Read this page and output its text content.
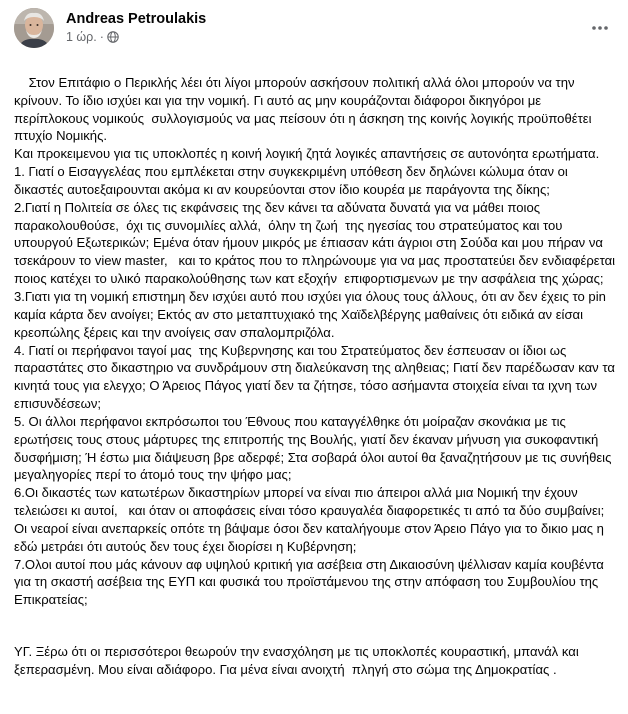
Andreas Petroulakis
1 ώρ. ·

Στον Επιτάφιο ο Περικλής λέει ότι λίγοι μπορούν ασκήσουν πολιτική αλλά όλοι μπορούν να την κρίνουν. Το ίδιο ισχύει και για την νομική. Γι αυτό ας μην κουράζονται διάφοροι δικηγόροι με περίπλοκους νομικούς  συλλογισμούς να μας πείσουν ότι η άσκηση της κοινής λογικής προϋποθέτει πτυχίο Νομικής.
Και προκειμενου για τις υποκλοπές η κοινή λογική ζητά λογικές απαντήσεις σε αυτονόητα ερωτήματα.
1. Γιατί ο Εισαγγελέας που εμπλέκεται στην συγκεκριμένη υπόθεση δεν δηλώνει κώλυμα όταν οι δικαστές αυτοεξαιρουνται ακόμα κι αν κουρεύονται στον ίδιο κουρέα με παράγοντα της δίκης;
2.Γιατί η Πολιτεία σε όλες τις εκφάνσεις της δεν κάνει τα αδύνατα δυνατά για να μάθει ποιος παρακολουθούσε,  όχι τις συνομιλίες αλλά,  όλην τη ζωή  της ηγεσίας του στρατεύματος και του υπουργού Εξωτερικών; Εμένα όταν ήμουν μικρός με έπιασαν κάτι άγριοι στη Σούδα και μου πήραν να τσεκάρουν το view master,   και το κράτος που το πληρώνουμε για να μας προστατεύει δεν ενδιαφέρεται ποιος κατέχει το υλικό παρακολούθησης των κατ εξοχήν  επιφορτισμενων με την ασφάλεια της χώρας;
3.Γιατι για τη νομική επιστημη δεν ισχύει αυτό που ισχύει για όλους τους άλλους, ότι αν δεν έχεις το pin καμία κάρτα δεν ανοίγει; Εκτός αν στο μεταπτυχιακό της Χαϊδελβέργης μαθαίνεις ότι ειδικά αν είσαι κρεοπώλης ξέρεις και την ανοίγεις σαν σπαλομπριζόλα.
4. Γιατί οι περήφανοι ταγοί μας  της Κυβερνησης και του Στρατεύματος δεν έσπευσαν οι ίδιοι ως παραστάτες στο δικαστηριο να συνδράμουν στη διαλεύκανση της αληθειας; Γιατί δεν παρέδωσαν καν τα κινητά τους για ελεγχο; Ο Άρειος Πάγος γιατί δεν τα ζήτησε, τόσο ασήμαντα στοιχεία είναι τα ιχνη των επισυνδέσεων;
5. Οι άλλοι περήφανοι εκπρόσωποι του Έθνους που καταγγέλθηκε ότι μοίραζαν σκονάκια με τις ερωτήσεις τους στους μάρτυρες της επιτροπής της Βουλής, γιατί δεν έκαναν μήνυση για συκοφαντική δυσφήμιση; Ή έστω μια διάψευση βρε αδερφέ; Στα σοβαρά όλοι αυτοί θα ξαναζητήσουν με τις συνήθεις μεγαληγορίες περί το άτομό τους την ψήφο μας;
6.Οι δικαστές των κατωτέρων δικαστηρίων μπορεί να είναι πιο άπειροι αλλά μια Νομική την έχουν τελειώσει κι αυτοί,   και όταν οι αποφάσεις είναι τόσο κραυγαλέα διαφορετικές τι από τα δύο συμβαίνει;  Οι νεαροί είναι ανεπαρκείς οπότε τη βάψαμε όσοι δεν καταλήγουμε στον Άρειο Πάγο για το δικιο μας η εδώ μετράει ότι αυτούς δεν τους έχει διορίσει η Κυβέρνηση;
7.Ολοι αυτοί που μάς κάνουν αφ υψηλού κριτική για ασέβεια στη Δικαιοσύνη ψέλλισαν καμία κουβέντα για τη σκαστή ασέβεια της ΕΥΠ και φυσικά του προϊστάμενου της στην απόφαση του Συμβουλίου της Επικρατείας;

ΥΓ. Ξέρω ότι οι περισσότεροι θεωρούν την ενασχόληση με τις υποκλοπές κουραστική, μπανάλ και ξεπερασμένη. Μου είναι αδιάφορο. Για μένα είναι ανοιχτή  πληγή στο σώμα της Δημοκρατίας .
